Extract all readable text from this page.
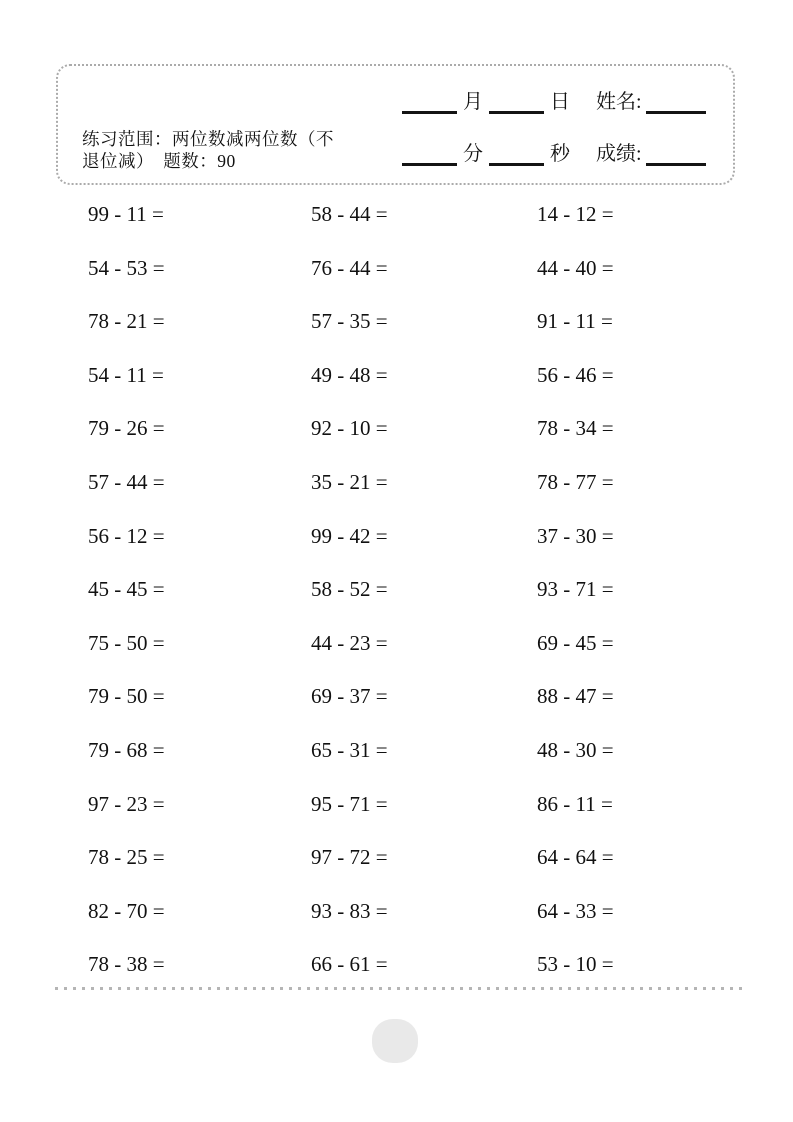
练习范围：两位数减两位数（不
退位减）　题数：90
月	日 姓名:
分	秒 成绩:
99 - 11 =	58 - 44 =	14 - 12 =
54 - 53 =	76 - 44 =	44 - 40 =
78 - 21 =	57 - 35 =	91 - 11 =
54 - 11 =	49 - 48 =	56 - 46 =
79 - 26 =	92 - 10 =	78 - 34 =
57 - 44 =	35 - 21 =	78 - 77 =
56 - 12 =	99 - 42 =	37 - 30 =
45 - 45 =	58 - 52 =	93 - 71 =
75 - 50 =	44 - 23 =	69 - 45 =
79 - 50 =	69 - 37 =	88 - 47 =
79 - 68 =	65 - 31 =	48 - 30 =
97 - 23 =	95 - 71 =	86 - 11 =
78 - 25 =	97 - 72 =	64 - 64 =
82 - 70 =	93 - 83 =	64 - 33 =
78 - 38 =	66 - 61 =	53 - 10 =
